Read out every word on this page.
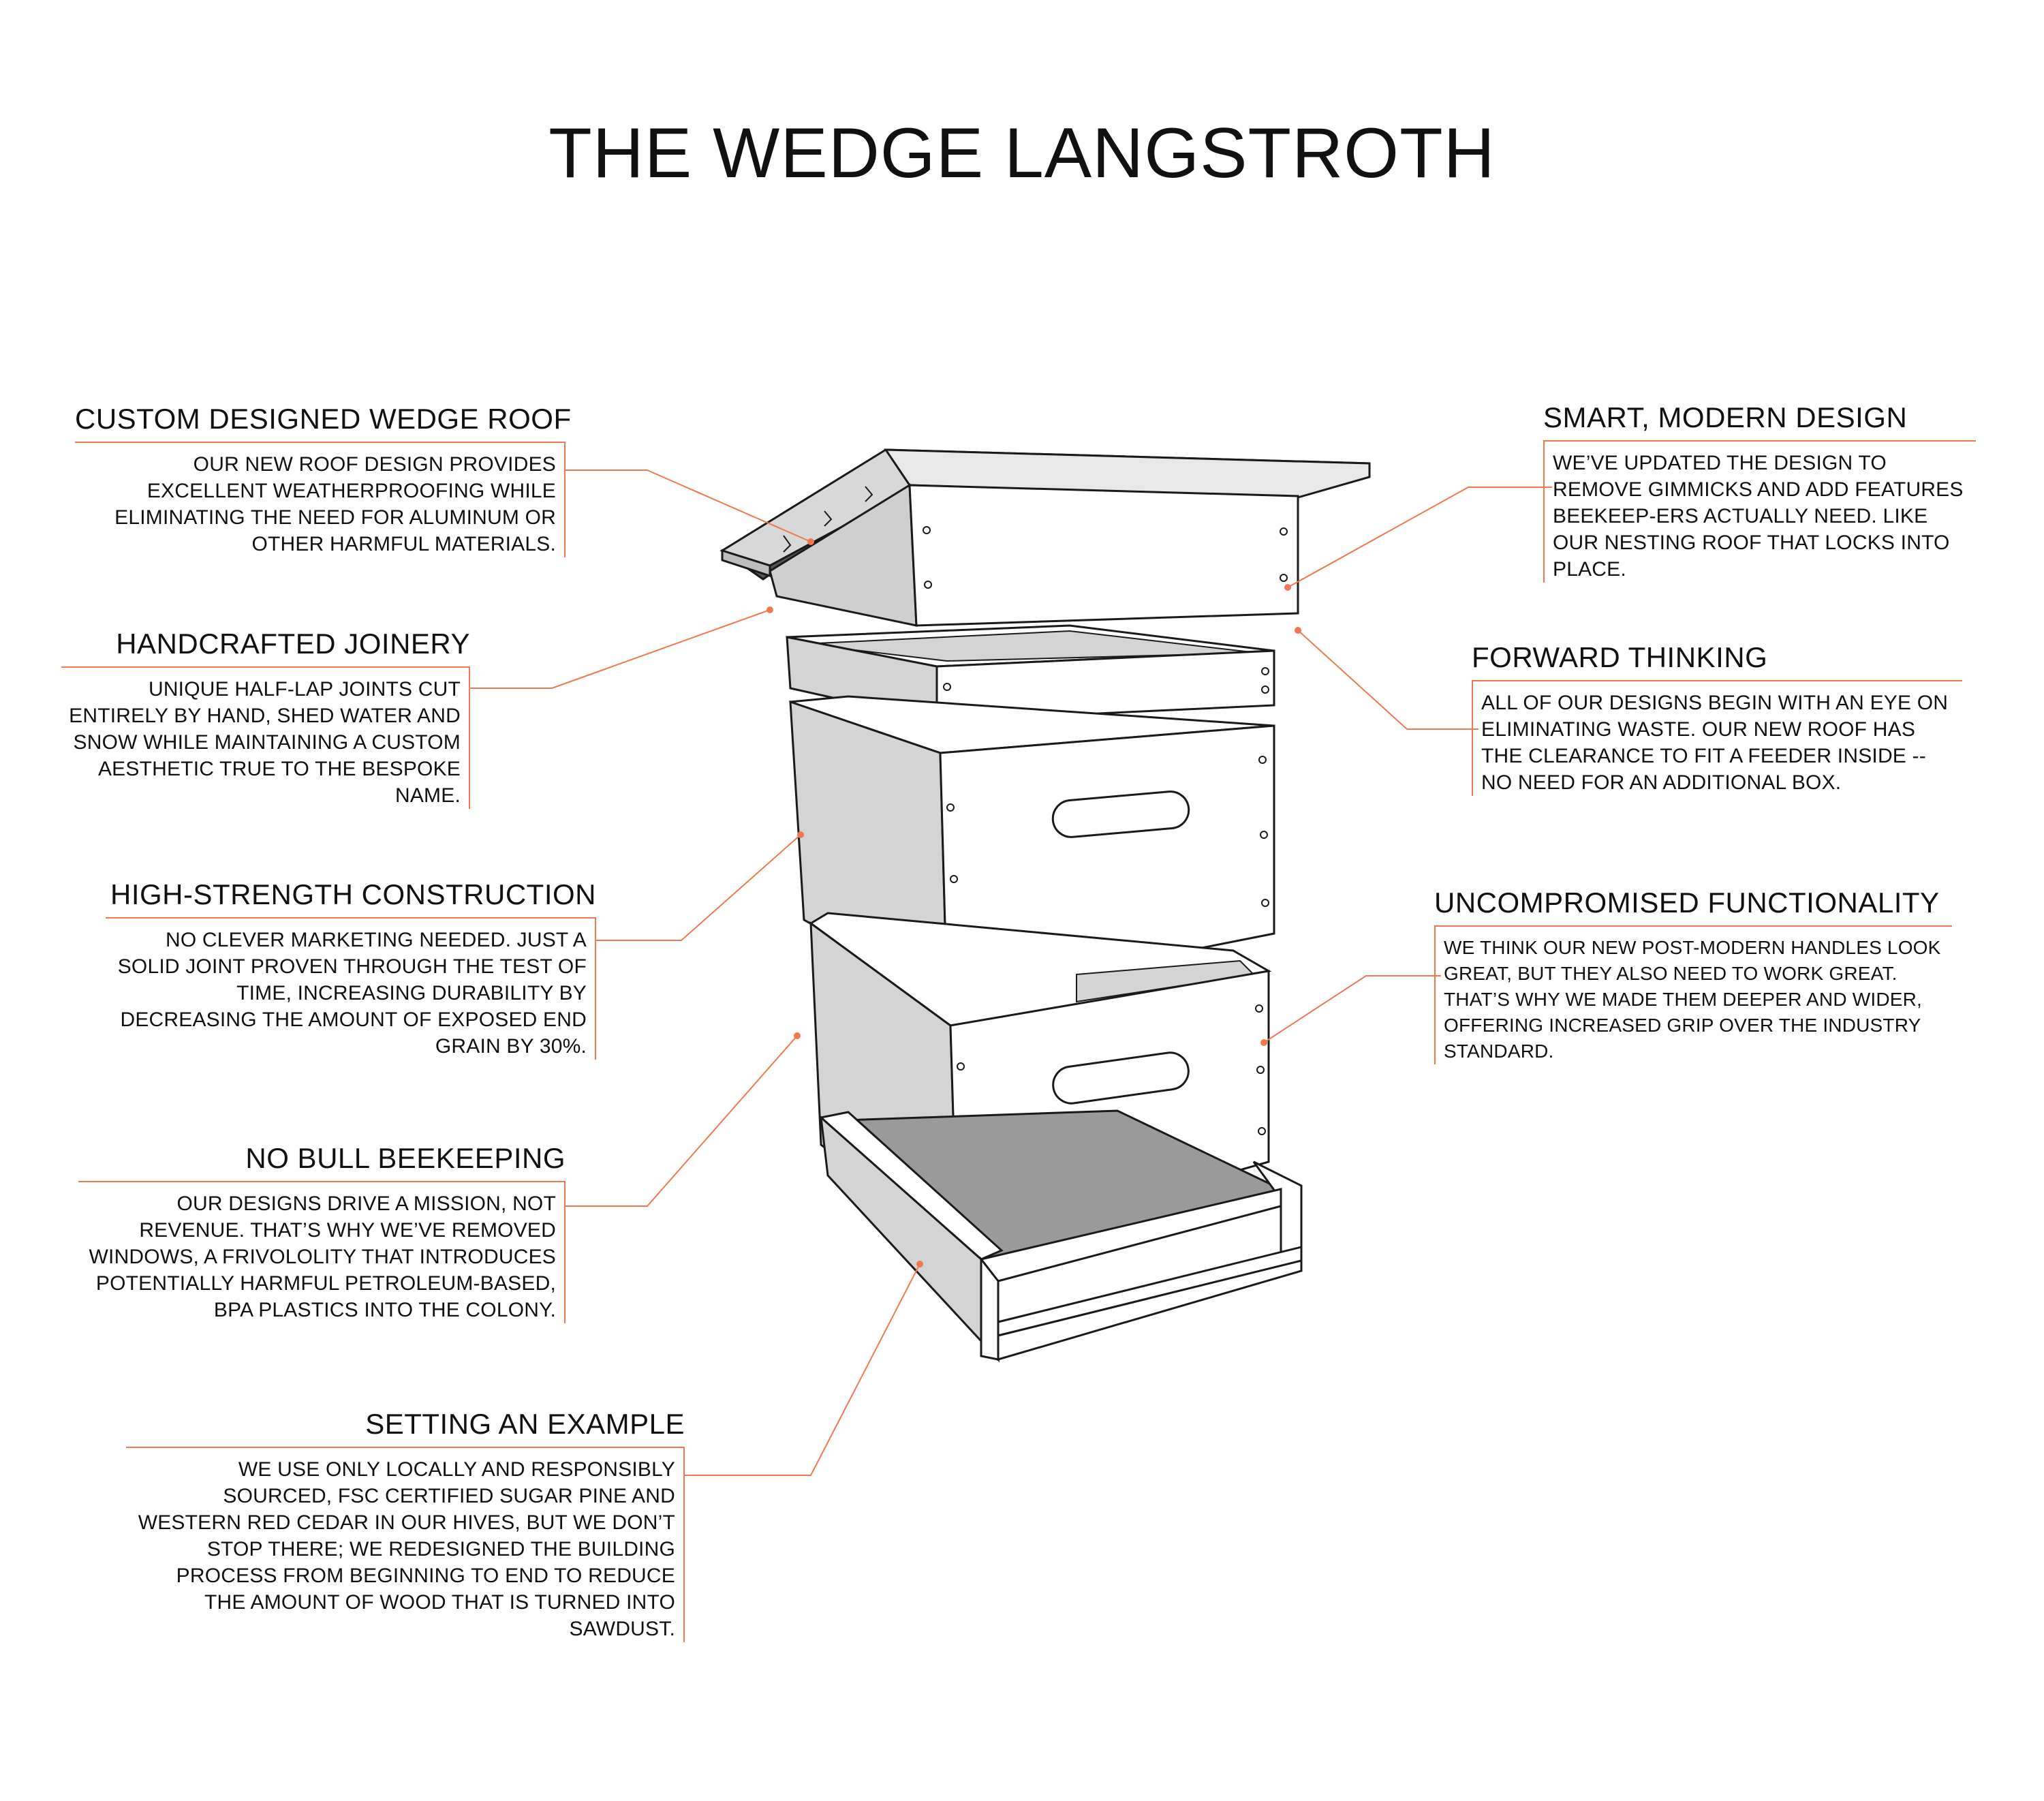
THE WEDGE LANGSTROTH
CUSTOM DESIGNED WEDGE ROOF
OUR NEW ROOF DESIGN PROVIDES EXCELLENT WEATHERPROOFING WHILE ELIMINATING THE NEED FOR ALUMINUM OR OTHER HARMFUL MATERIALS.
HANDCRAFTED JOINERY
UNIQUE HALF-LAP JOINTS CUT ENTIRELY BY HAND, SHED WATER AND SNOW WHILE MAINTAINING A CUSTOM AESTHETIC TRUE TO THE BESPOKE NAME.
HIGH-STRENGTH CONSTRUCTION
NO CLEVER MARKETING NEEDED. JUST A SOLID JOINT PROVEN THROUGH THE TEST OF TIME, INCREASING DURABILITY BY DECREASING THE AMOUNT OF EXPOSED END GRAIN BY 30%.
NO BULL BEEKEEPING
OUR DESIGNS DRIVE A MISSION, NOT REVENUE. THAT’S WHY WE’VE REMOVED WINDOWS, A FRIVOLOLITY THAT INTRODUCES POTENTIALLY HARMFUL PETROLEUM-BASED, BPA PLASTICS INTO THE COLONY.
SETTING AN EXAMPLE
WE USE ONLY LOCALLY AND RESPONSIBLY SOURCED, FSC CERTIFIED SUGAR PINE AND WESTERN RED CEDAR IN OUR HIVES, BUT WE DON’T STOP THERE; WE REDESIGNED THE BUILDING PROCESS FROM BEGINNING TO END TO REDUCE THE AMOUNT OF WOOD THAT IS TURNED INTO SAWDUST.
SMART, MODERN DESIGN
WE’VE UPDATED THE DESIGN TO REMOVE GIMMICKS AND ADD FEATURES BEEKEEP-ERS ACTUALLY NEED. LIKE OUR NESTING ROOF THAT LOCKS INTO PLACE.
FORWARD THINKING
ALL OF OUR DESIGNS BEGIN WITH AN EYE ON ELIMINATING WASTE. OUR NEW ROOF HAS THE CLEARANCE TO FIT A FEEDER INSIDE -- NO NEED FOR AN ADDITIONAL BOX.
UNCOMPROMISED FUNCTIONALITY
WE THINK OUR NEW POST-MODERN HANDLES LOOK GREAT, BUT THEY ALSO NEED TO WORK GREAT. THAT’S WHY WE MADE THEM DEEPER AND WIDER, OFFERING INCREASED GRIP OVER THE INDUSTRY STANDARD.
